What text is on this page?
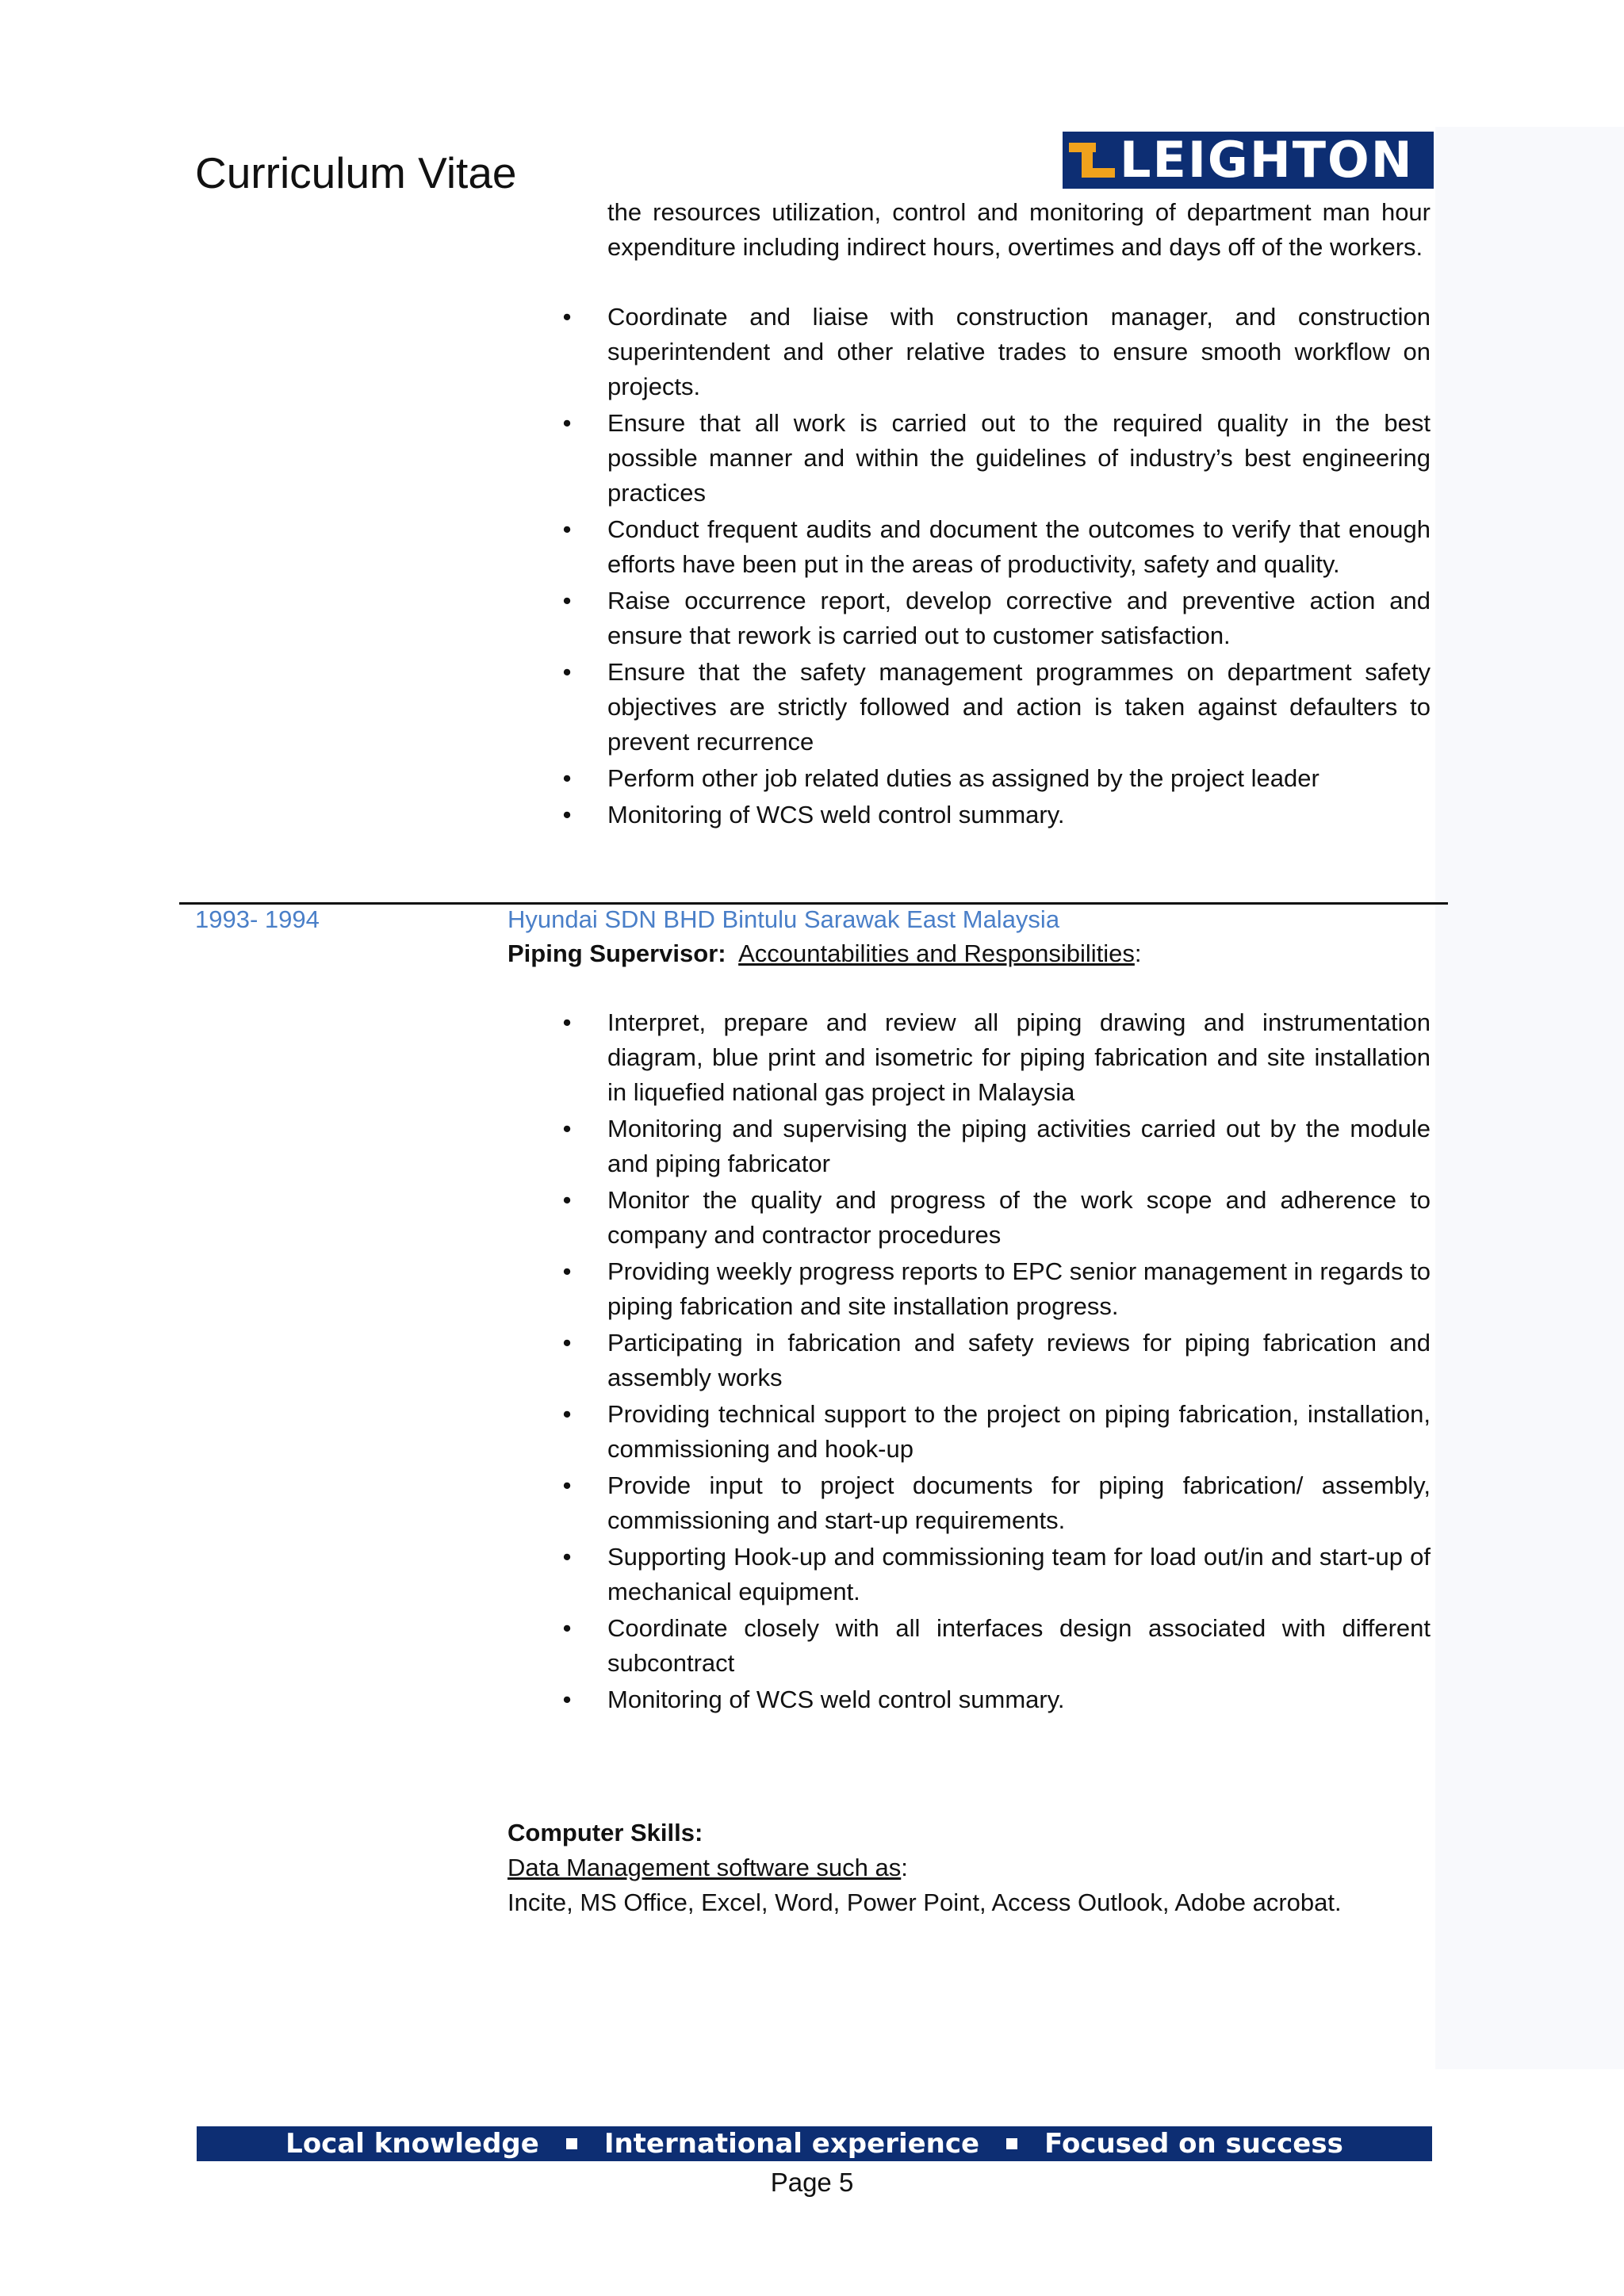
Curriculum Vitae	LEIGHTON
the resources utilization, control and monitoring of department man hour expenditure including indirect hours, overtimes and days off of the workers.
• Coordinate and liaise with construction manager, and construction superintendent and other relative trades to ensure smooth workflow on projects.
• Ensure that all work is carried out to the required quality in the best possible manner and within the guidelines of industry’s best engineering practices
• Conduct frequent audits and document the outcomes to verify that enough efforts have been put in the areas of productivity, safety and quality.
• Raise occurrence report, develop corrective and preventive action and ensure that rework is carried out to customer satisfaction.
• Ensure that the safety management programmes on department safety objectives are strictly followed and action is taken against defaulters to prevent recurrence
• Perform other job related duties as assigned by the project leader
• Monitoring of WCS weld control summary.
1993- 1994	Hyundai SDN BHD Bintulu Sarawak East Malaysia
Piping Supervisor: Accountabilities and Responsibilities:
• Interpret, prepare and review all piping drawing and instrumentation diagram, blue print and isometric for piping fabrication and site installation in liquefied national gas project in Malaysia
• Monitoring and supervising the piping activities carried out by the module and piping fabricator
• Monitor the quality and progress of the work scope and adherence to company and contractor procedures
• Providing weekly progress reports to EPC senior management in regards to piping fabrication and site installation progress.
• Participating in fabrication and safety reviews for piping fabrication and assembly works
• Providing technical support to the project on piping fabrication, installation, commissioning and hook-up
• Provide input to project documents for piping fabrication/ assembly, commissioning and start-up requirements.
• Supporting Hook-up and commissioning team for load out/in and start-up of mechanical equipment.
• Coordinate closely with all interfaces design associated with different subcontract
• Monitoring of WCS weld control summary.

Computer Skills:

Data Management software such as:

Incite, MS Office, Excel, Word, Power Point, Access Outlook, Adobe acrobat.

Local knowledge International experience Focused on success
Page 5
